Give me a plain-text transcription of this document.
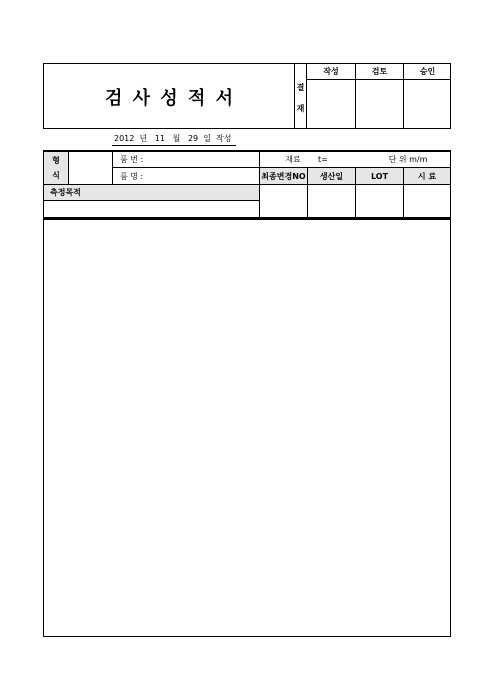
검 사 성 적 서
결
재
작성	검토	승인
2012  년   11   월   29  일  작성
형
식
측정목적
품 번 :
품 명 :
재료 t=	단 위 m/m
최종변경NO	생산일	LOT	시 료
